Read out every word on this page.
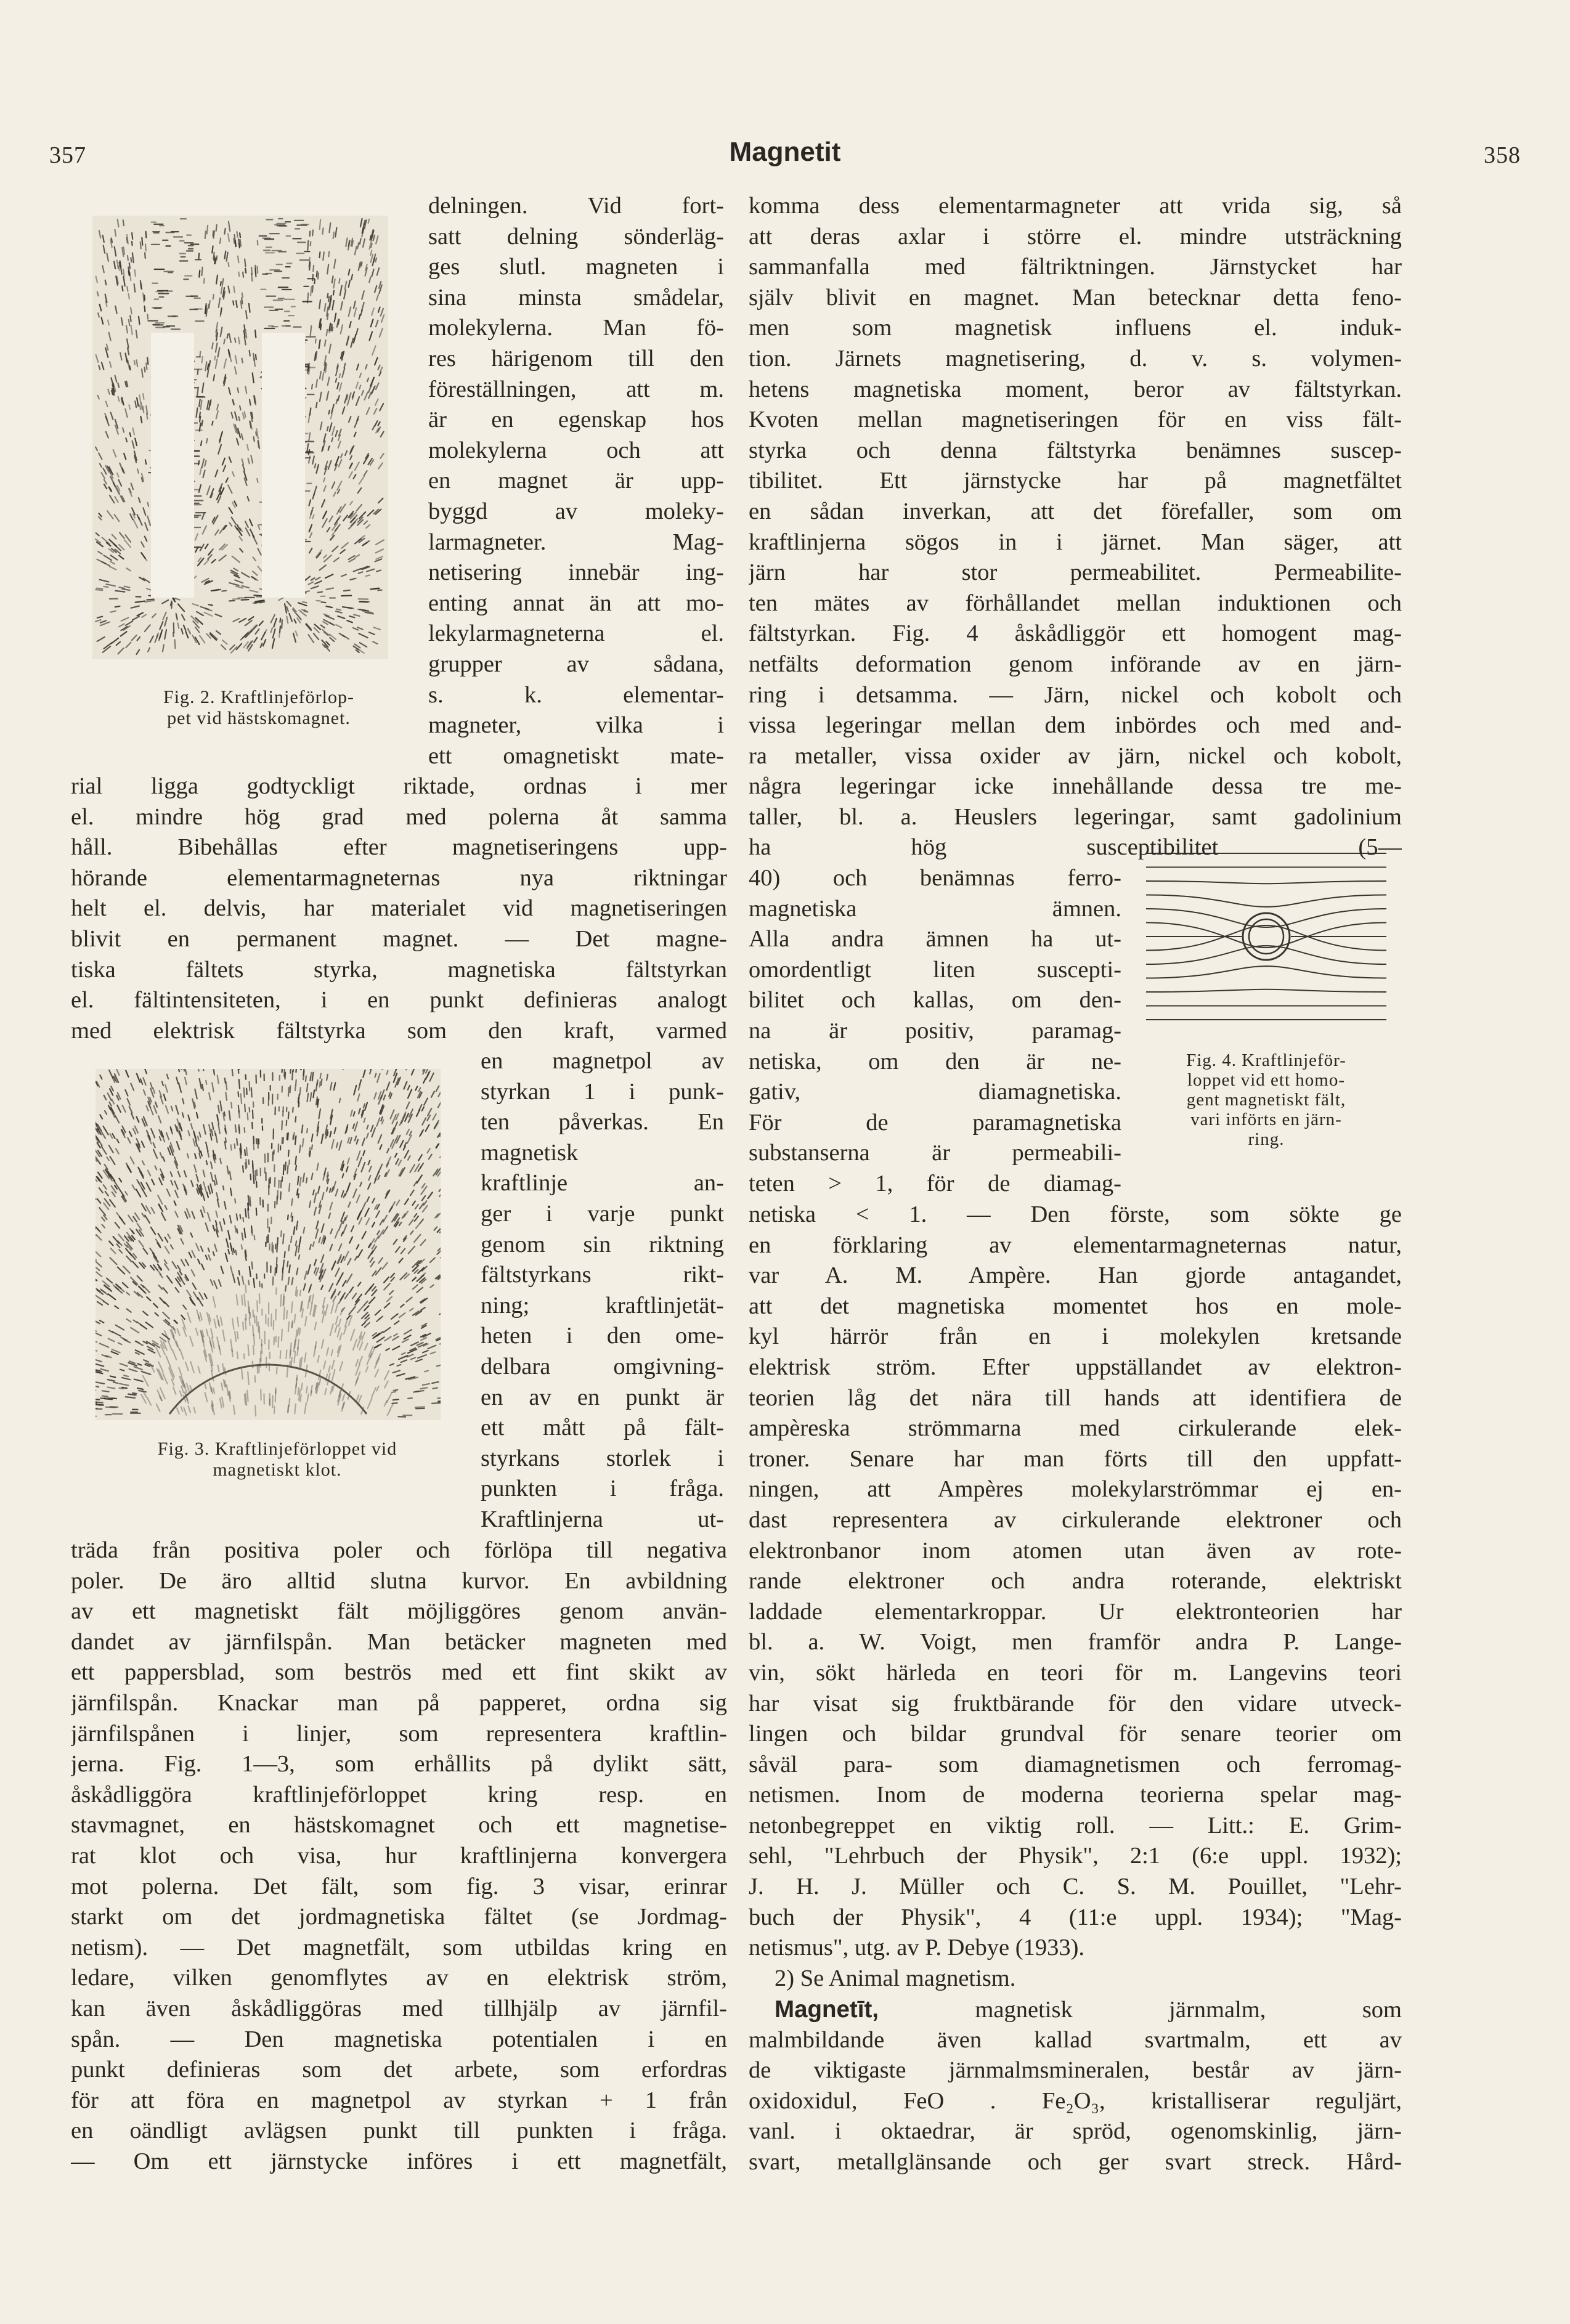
357	Magnetit	358
Fig. 2. Kraftlinjeförlop-
pet vid hästskomagnet.
Fig. 3. Kraftlinjeförloppet vid
magnetiskt klot.
Fig. 4. Kraftlinjeför-
loppet vid ett homo-
gent magnetiskt fält,
vari införts en järn-
ring.
delningen. Vid fort-
satt delning sönderläg-
ges slutl. magneten i
sina minsta smådelar,
molekylerna. Man fö-
res härigenom till den
föreställningen, att m.
är en egenskap hos
molekylerna och att
en magnet är upp-
byggd av moleky-
larmagneter. Mag-
netisering innebär ing-
enting annat än att mo-
lekylarmagneterna el.
grupper av sådana,
s. k. elementar-
magneter, vilka i
ett omagnetiskt mate-
rial ligga godtyckligt riktade, ordnas i mer
el. mindre hög grad med polerna åt samma
håll. Bibehållas efter magnetiseringens upp-
hörande elementarmagneternas nya riktningar
helt el. delvis, har materialet vid magnetiseringen
blivit en permanent magnet. — Det magne-
tiska fältets styrka, magnetiska fältstyrkan
el. fältintensiteten, i en punkt definieras analogt
med elektrisk fältstyrka som den kraft, varmed
en magnetpol av
styrkan 1 i punk-
ten påverkas. En
magnetisk
kraftlinje an-
ger i varje punkt
genom sin riktning
fältstyrkans rikt-
ning; kraftlinjetät-
heten i den ome-
delbara omgivning-
en av en punkt är
ett mått på fält-
styrkans storlek i
punkten i fråga.
Kraftlinjerna ut-
träda från positiva poler och förlöpa till negativa
poler. De äro alltid slutna kurvor. En avbildning
av ett magnetiskt fält möjliggöres genom använ-
dandet av järnfilspån. Man betäcker magneten med
ett pappersblad, som beströs med ett fint skikt av
järnfilspån. Knackar man på papperet, ordna sig
järnfilspånen i linjer, som representera kraftlin-
jerna. Fig. 1—3, som erhållits på dylikt sätt,
åskådliggöra kraftlinjeförloppet kring resp. en
stavmagnet, en hästskomagnet och ett magnetise-
rat klot och visa, hur kraftlinjerna konvergera
mot polerna. Det fält, som fig. 3 visar, erinrar
starkt om det jordmagnetiska fältet (se Jordmag-
netism). — Det magnetfält, som utbildas kring en
ledare, vilken genomflytes av en elektrisk ström,
kan även åskådliggöras med tillhjälp av järnfil-
spån. — Den magnetiska potentialen i en
punkt definieras som det arbete, som erfordras
för att föra en magnetpol av styrkan + 1 från
en oändligt avlägsen punkt till punkten i fråga.
— Om ett järnstycke införes i ett magnetfält,
komma dess elementarmagneter att vrida sig, så
att deras axlar i större el. mindre utsträckning
sammanfalla med fältriktningen. Järnstycket har
själv blivit en magnet. Man betecknar detta feno-
men som magnetisk influens el. induk-
tion. Järnets magnetisering, d. v. s. volymen-
hetens magnetiska moment, beror av fältstyrkan.
Kvoten mellan magnetiseringen för en viss fält-
styrka och denna fältstyrka benämnes suscep-
tibilitet. Ett järnstycke har på magnetfältet
en sådan inverkan, att det förefaller, som om
kraftlinjerna sögos in i järnet. Man säger, att
järn har stor permeabilitet. Permeabilite-
ten mätes av förhållandet mellan induktionen och
fältstyrkan. Fig. 4 åskådliggör ett homogent mag-
netfälts deformation genom införande av en järn-
ring i detsamma. — Järn, nickel och kobolt och
vissa legeringar mellan dem inbördes och med and-
ra metaller, vissa oxider av järn, nickel och kobolt,
några legeringar icke innehållande dessa tre me-
taller, bl. a. Heuslers legeringar, samt gadolinium
ha hög susceptibilitet (5—
40) och benämnas ferro-
magnetiska ämnen.
Alla andra ämnen ha ut-
omordentligt liten suscepti-
bilitet och kallas, om den-
na är positiv, paramag-
netiska, om den är ne-
gativ, diamagnetiska.
För de paramagnetiska
substanserna är permeabili-
teten > 1, för de diamag-
netiska < 1. — Den förste, som sökte ge
en förklaring av elementarmagneternas natur,
var A. M. Ampère. Han gjorde antagandet,
att det magnetiska momentet hos en mole-
kyl härrör från en i molekylen kretsande
elektrisk ström. Efter uppställandet av elektron-
teorien låg det nära till hands att identifiera de
ampèreska strömmarna med cirkulerande elek-
troner. Senare har man förts till den uppfatt-
ningen, att Ampères molekylarströmmar ej en-
dast representera av cirkulerande elektroner och
elektronbanor inom atomen utan även av rote-
rande elektroner och andra roterande, elektriskt
laddade elementarkroppar. Ur elektronteorien har
bl. a. W. Voigt, men framför andra P. Lange-
vin, sökt härleda en teori för m. Langevins teori
har visat sig fruktbärande för den vidare utveck-
lingen och bildar grundval för senare teorier om
såväl para- som diamagnetismen och ferromag-
netismen. Inom de moderna teorierna spelar mag-
netonbegreppet en viktig roll. — Litt.: E. Grim-
sehl, "Lehrbuch der Physik", 2:1 (6:e uppl. 1932);
J. H. J. Müller och C. S. M. Pouillet, "Lehr-
buch der Physik", 4 (11:e uppl. 1934); "Mag-
netismus", utg. av P. Debye (1933).
2) Se Animal magnetism.
Magnetīt,	magnetisk järnmalm, som
malmbildande även kallad svartmalm, ett av
de viktigaste järnmalmsmineralen, består av järn-
oxidoxidul, FeO . Fe₂O₃, kristalliserar reguljärt,
vanl. i oktaedrar, är spröd, ogenomskinlig, järn-
svart, metallglänsande och ger svart streck. Hård-
